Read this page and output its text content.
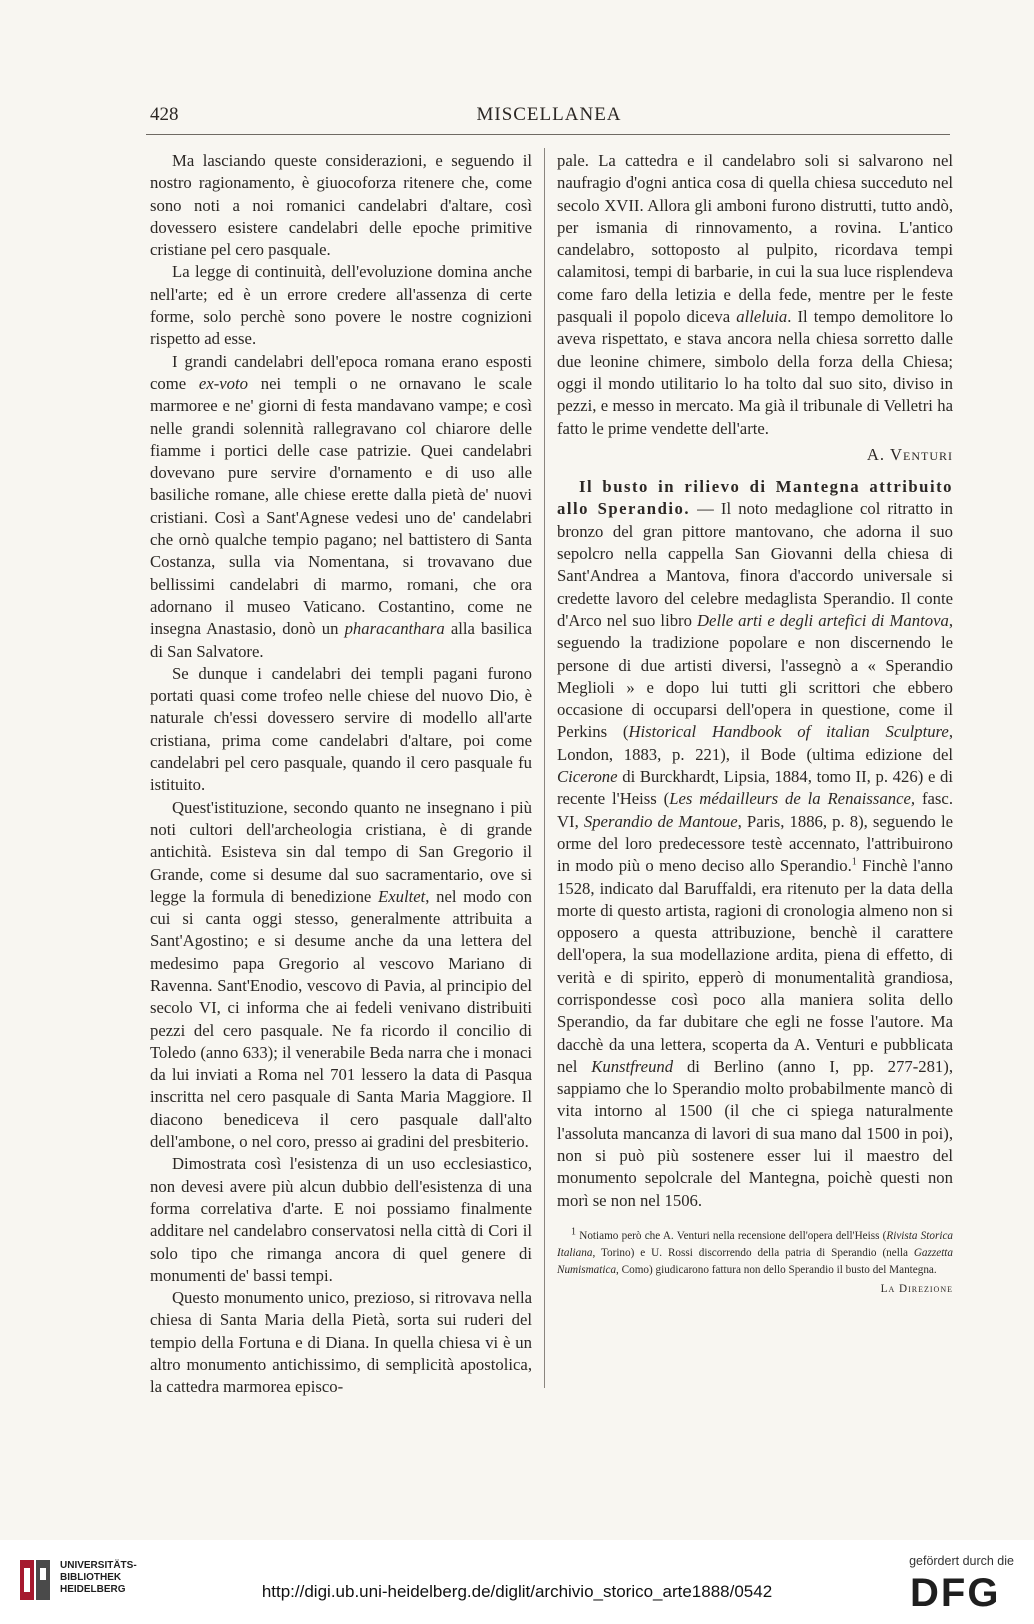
428	MISCELLANEA

Ma lasciando queste considerazioni, e seguendo il nostro ragionamento, è giuocoforza ritenere che, come sono noti a noi romanici candelabri d'altare, così dovessero esistere candelabri delle epoche primitive cristiane pel cero pasquale.

La legge di continuità, dell'evoluzione domina anche nell'arte; ed è un errore credere all'assenza di certe forme, solo perchè sono povere le nostre cognizioni rispetto ad esse.

I grandi candelabri dell'epoca romana erano esposti come ex-voto nei templi o ne ornavano le scale marmoree e ne' giorni di festa mandavano vampe; e così nelle grandi solennità rallegravano col chiarore delle fiamme i portici delle case patrizie. Quei candelabri dovevano pure servire d'ornamento e di uso alle basiliche romane, alle chiese erette dalla pietà de' nuovi cristiani. Così a Sant'Agnese vedesi uno de' candelabri che ornò qualche tempio pagano; nel battistero di Santa Costanza, sulla via Nomentana, si trovavano due bellissimi candelabri di marmo, romani, che ora adornano il museo Vaticano. Costantino, come ne insegna Anastasio, donò un pharacanthara alla basilica di San Salvatore.

Se dunque i candelabri dei templi pagani furono portati quasi come trofeo nelle chiese del nuovo Dio, è naturale ch'essi dovessero servire di modello all'arte cristiana, prima come candelabri d'altare, poi come candelabri pel cero pasquale, quando il cero pasquale fu istituito.

Quest'istituzione, secondo quanto ne insegnano i più noti cultori dell'archeologia cristiana, è di grande antichità. Esisteva sin dal tempo di San Gregorio il Grande, come si desume dal suo sacramentario, ove si legge la formula di benedizione Exultet, nel modo con cui si canta oggi stesso, generalmente attribuita a Sant'Agostino; e si desume anche da una lettera del medesimo papa Gregorio al vescovo Mariano di Ravenna. Sant'Enodio, vescovo di Pavia, al principio del secolo VI, ci informa che ai fedeli venivano distribuiti pezzi del cero pasquale. Ne fa ricordo il concilio di Toledo (anno 633); il venerabile Beda narra che i monaci da lui inviati a Roma nel 701 lessero la data di Pasqua inscritta nel cero pasquale di Santa Maria Maggiore. Il diacono benediceva il cero pasquale dall'alto dell'ambone, o nel coro, presso ai gradini del presbiterio.

Dimostrata così l'esistenza di un uso ecclesiastico, non devesi avere più alcun dubbio dell'esistenza di una forma correlativa d'arte. E noi possiamo finalmente additare nel candelabro conservatosi nella città di Cori il solo tipo che rimanga ancora di quel genere di monumenti de' bassi tempi.

Questo monumento unico, prezioso, si ritrovava nella chiesa di Santa Maria della Pietà, sorta sui ruderi del tempio della Fortuna e di Diana. In quella chiesa vi è un altro monumento antichissimo, di semplicità apostolica, la cattedra marmorea episco-

pale. La cattedra e il candelabro soli si salvarono nel naufragio d'ogni antica cosa di quella chiesa succeduto nel secolo XVII. Allora gli amboni furono distrutti, tutto andò, per ismania di rinnovamento, a rovina. L'antico candelabro, sottoposto al pulpito, ricordava tempi calamitosi, tempi di barbarie, in cui la sua luce risplendeva come faro della letizia e della fede, mentre per le feste pasquali il popolo diceva alleluia. Il tempo demolitore lo aveva rispettato, e stava ancora nella chiesa sorretto dalle due leonine chimere, simbolo della forza della Chiesa; oggi il mondo utilitario lo ha tolto dal suo sito, diviso in pezzi, e messo in mercato. Ma già il tribunale di Velletri ha fatto le prime vendette dell'arte.

A. Venturi

Il busto in rilievo di Mantegna attribuito allo Sperandio. — Il noto medaglione col ritratto in bronzo del gran pittore mantovano, che adorna il suo sepolcro nella cappella San Giovanni della chiesa di Sant'Andrea a Mantova, finora d'accordo universale si credette lavoro del celebre medaglista Sperandio. Il conte d'Arco nel suo libro Delle arti e degli artefici di Mantova, seguendo la tradizione popolare e non discernendo le persone di due artisti diversi, l'assegnò a « Sperandio Meglioli » e dopo lui tutti gli scrittori che ebbero occasione di occuparsi dell'opera in questione, come il Perkins (Historical Handbook of italian Sculpture, London, 1883, p. 221), il Bode (ultima edizione del Cicerone di Burckhardt, Lipsia, 1884, tomo II, p. 426) e di recente l'Heiss (Les médailleurs de la Renaissance, fasc. VI, Sperandio de Mantoue, Paris, 1886, p. 8), seguendo le orme del loro predecessore testè accennato, l'attribuirono in modo più o meno deciso allo Sperandio.$^1$ Finchè l'anno 1528, indicato dal Baruffaldi, era ritenuto per la data della morte di questo artista, ragioni di cronologia almeno non si opposero a questa attribuzione, benchè il carattere dell'opera, la sua modellazione ardita, piena di effetto, di verità e di spirito, epperò di monumentalità grandiosa, corrispondesse così poco alla maniera solita dello Sperandio, da far dubitare che egli ne fosse l'autore. Ma dacchè da una lettera, scoperta da A. Venturi e pubblicata nel Kunstfreund di Berlino (anno I, pp. 277-281), sappiamo che lo Sperandio molto probabilmente mancò di vita intorno al 1500 (il che ci spiega naturalmente l'assoluta mancanza di lavori di sua mano dal 1500 in poi), non si può più sostenere esser lui il maestro del monumento sepolcrale del Mantegna, poichè questi non morì se non nel 1506.

$^1$ Notiamo però che A. Venturi nella recensione dell'opera dell'Heiss (Rivista Storica Italiana, Torino) e U. Rossi discorrendo della patria di Sperandio (nella Gazzetta Numismatica, Como) giudicarono fattura non dello Sperandio il busto del Mantegna.

La Direzione
UNIVERSITÄTS-
BIBLIOTHEK
HEIDELBERG	http://digi.ub.uni-heidelberg.de/diglit/archivio_storico_arte1888/0542
gefördert durch die
DFG
